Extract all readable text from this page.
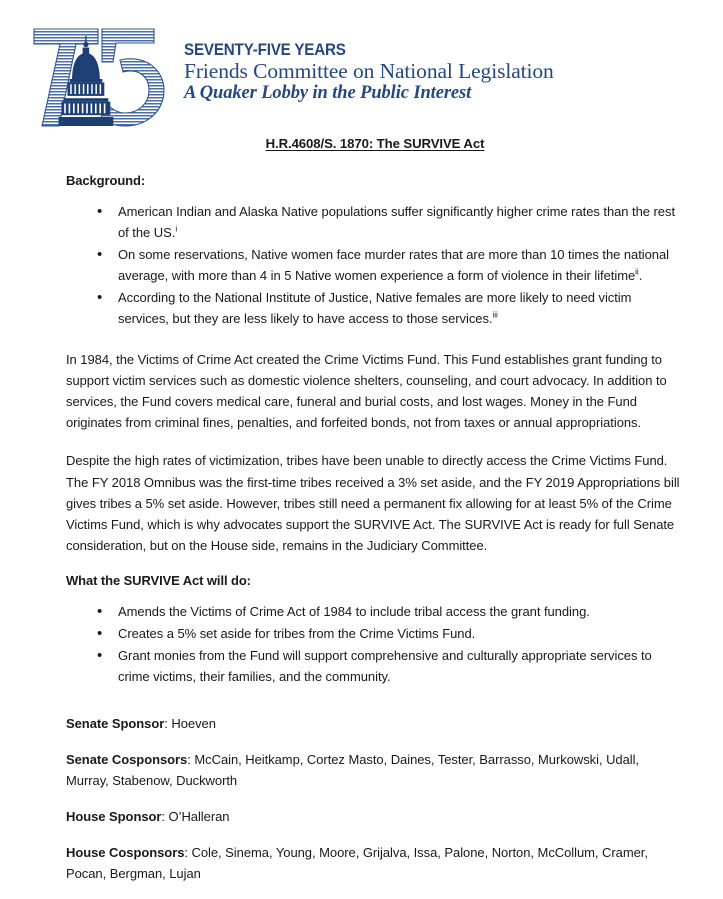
SEVENTY-FIVE YEARS
Friends Committee on National Legislation
A Quaker Lobby in the Public Interest
H.R.4608/S. 1870: The SURVIVE Act
Background:
• American Indian and Alaska Native populations suffer significantly higher crime rates than the rest of the US.$^i$
• On some reservations, Native women face murder rates that are more than 10 times the national average, with more than 4 in 5 Native women experience a form of violence in their lifetime$^{ii}$.
• According to the National Institute of Justice, Native females are more likely to need victim services, but they are less likely to have access to those services.$^{iii}$

In 1984, the Victims of Crime Act created the Crime Victims Fund. This Fund establishes grant funding to support victim services such as domestic violence shelters, counseling, and court advocacy. In addition to services, the Fund covers medical care, funeral and burial costs, and lost wages. Money in the Fund originates from criminal fines, penalties, and forfeited bonds, not from taxes or annual appropriations.

Despite the high rates of victimization, tribes have been unable to directly access the Crime Victims Fund. The FY 2018 Omnibus was the first-time tribes received a 3% set aside, and the FY 2019 Appropriations bill gives tribes a 5% set aside. However, tribes still need a permanent fix allowing for at least 5% of the Crime Victims Fund, which is why advocates support the SURVIVE Act. The SURVIVE Act is ready for full Senate consideration, but on the House side, remains in the Judiciary Committee.

What the SURVIVE Act will do:
• Amends the Victims of Crime Act of 1984 to include tribal access the grant funding.
• Creates a 5% set aside for tribes from the Crime Victims Fund.
• Grant monies from the Fund will support comprehensive and culturally appropriate services to crime victims, their families, and the community.

Senate Sponsor: Hoeven

Senate Cosponsors: McCain, Heitkamp, Cortez Masto, Daines, Tester, Barrasso, Murkowski, Udall, Murray, Stabenow, Duckworth

House Sponsor: O’Halleran

House Cosponsors: Cole, Sinema, Young, Moore, Grijalva, Issa, Palone, Norton, McCollum, Cramer, Pocan, Bergman, Lujan
